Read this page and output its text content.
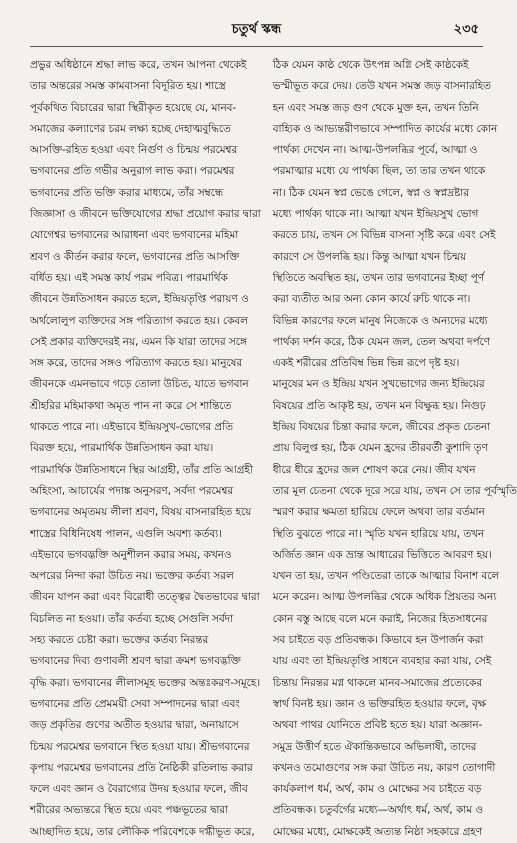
চতুর্থ স্কন্ধ	২৩৫
প্রভুর অধিষ্ঠানে শ্রদ্ধা লাভ করে, তখন আপনা থেকেই
তার অন্তরের সমস্ত কামবাসনা বিদূরিত হয়। শাস্ত্রে
পূর্বকথিত বিচারের দ্বারা স্থিরীকৃত হয়েছে যে, মানব-
সমাজের কল্যাণের চরম লক্ষ্য হচ্ছে দেহাত্মবুদ্ধিতে
আসক্তি-রহিত হওয়া এবং নির্গুণ ও চিন্ময় পরমেশ্বর
ভগবানের প্রতি গভীর অনুরাগ লাভ করা। পরমেশ্বর
ভগবানের প্রতি ভক্তি করার মাধ্যমে, তাঁর সম্বন্ধে
জিজ্ঞাসা ও জীবনে ভক্তিযোগের শ্রদ্ধা প্রয়োগ করার দ্বারা
যোগেশ্বর ভগবানের আরাধনা এবং ভগবানের মহিমা
শ্রবণ ও কীর্তন করার ফলে, ভগবানের প্রতি আসক্তি
বর্ধিত হয়। এই সমস্ত কার্য পরম পবিত্র। পারমার্থিক
জীবনে উন্নতিসাধন করতে হলে, ইন্দ্রিয়তৃপ্তি পরায়ণ ও
অর্থলোলুপ ব্যক্তিদের সঙ্গ পরিত্যাগ করতে হয়। কেবল
সেই প্রকার ব্যক্তিদেরই নয়, এমন কি যারা তাদের সঙ্গে
সঙ্গ করে, তাদের সঙ্গও পরিত্যাগ করতে হয়। মানুষের
জীবনকে এমনভাবে গড়ে তোলা উচিত, যাতে ভগবান
শ্রীহরির মহিমাকথা অমৃত পান না করে সে শান্তিতে
থাকতে পারে না। এইভাবে ইন্দ্রিয়সুখ-ভোগের প্রতি
বিরক্ত হয়ে, পারমার্থিক উন্নতিসাধন করা যায়।
পারমার্থিক উন্নতিসাধনে স্থির আগ্রহী, তাঁর প্রতি আগ্রহী
অহিংসা, আচার্যের পদাঙ্ক অনুসরণ, সর্বদা পরমেশ্বর
ভগবানের অমৃতময় লীলা শ্রবণ, বিষয় বাসনারহিত হয়ে
শাস্ত্রের বিধিনিষেধ পালন, এগুলি অবশ্য কর্তব্য।
এইভাবে ভগবদ্ভক্তি অনুশীলন করার সময়, কখনও
অপরের নিন্দা করা উচিত নয়। ভক্তের কর্তব্য সরল
জীবন যাপন করা এবং বিরোধী তত্ত্বের দ্বৈতভাবের দ্বারা
বিচলিত না হওয়া। তাঁর কর্তব্য হচ্ছে সেগুলি সর্বদা
সহ্য করতে চেষ্টা করা। ভক্তের কর্তব্য নিরন্তর
ভগবানের দিব্য গুণাবলী শ্রবণ দ্বারা ক্রমশ ভগবদ্ভক্তি
বৃদ্ধি করা। ভগবানের লীলাসমূহ ভক্তের অন্তঃকরণ-সমূহে।
ভগবানের প্রতি প্রেমময়ী সেবা সম্পাদনের দ্বারা এবং
জড় প্রকৃতির গুণের অতীত হওয়ার দ্বারা, অনায়াসে
চিন্ময় পরমেশ্বর ভগবানে স্থিত হওয়া যায়। শ্রীভগবানের
কৃপায় পরমেশ্বর ভগবানের প্রতি নৈষ্ঠিকী রতিলাভ করার
ফলে এবং জ্ঞান ও বৈরাগ্যের উদয় হওয়ার ফলে, জীব
শরীরের অভ্যন্তরে স্থিত হয়ে এবং পঞ্চভূতের দ্বারা
আচ্ছাদিত হয়ে, তার লৌকিক পরিবেশকে দগ্ধীভূত করে,
ঠিক যেমন কাষ্ঠ থেকে উৎপন্ন অগ্নি সেই কাষ্ঠকেই
ভস্মীভূত করে দেয়। তেউ যখন সমস্ত জড় বাসনারহিত
হন এবং সমস্ত জড় গুণ থেকে মুক্ত হন, তখন তিনি
বাহ্যিক ও আভ্যন্তরীণভাবে সম্পাদিত কার্যের মধ্যে কোন
পার্থক্য দেখেন না। আত্ম-উপলব্ধির পূর্বে, আত্মা ও
পরমাত্মার মধ্যে যে পার্থক্য ছিল, তা তার তখন থাকে
না। ঠিক যেমন স্বপ্ন ভেঙে গেলে, স্বপ্ন ও স্বপ্নদ্রষ্টার
মধ্যে পার্থক্য থাকে না। আত্মা যখন ইন্দ্রিয়সুখ ভোগ
করতে চায়, তখন সে বিভিন্ন বাসনা সৃষ্টি করে এবং সেই
কারণে সে উপলব্ধি হয়। কিন্তু আত্মা যখন চিন্ময়
স্থিতিতে অবস্থিত হয়, তখন তার ভগবানের ইচ্ছা পূর্ণ
করা ব্যতীত আর অন্য কোন কার্যে রুচি থাকে না।
বিভিন্ন কারণের ফলে মানুষ নিজেকে ও অন্যদের মধ্যে
পার্থক্য দর্শন করে, ঠিক যেমন জল, তেল অথবা দর্পণে
একই শরীরের প্রতিবিম্ব ভিন্ন ভিন্ন রূপে দৃষ্ট হয়।
মানুষের মন ও ইন্দ্রিয় যখন সুখভোগের জন্য ইন্দ্রিয়ের
বিষয়ের প্রতি আকৃষ্ট হয়, তখন মন বিক্ষুব্ধ হয়। নিগুঢ়
ইন্দ্রিয় বিষয়ের চিন্তা করার ফলে, জীবের প্রকৃত চেতনা
প্রায় বিলুপ্ত হয়, ঠিক যেমন হ্রদের তীরবর্তী কুশাদি তৃণ
ধীরে ধীরে হ্রদের জল শোষণ করে নেয়। জীব যখন
তার মূল চেতনা থেকে দূরে সরে যায়, তখন সে তার পূর্বস্মৃতি
স্মরণ করার ক্ষমতা হারিয়ে ফেলে অথবা তার বর্তমান
স্থিতি বুঝতে পারে না। স্মৃতি যখন হারিয়ে যায়, তখন
অর্জিত জ্ঞান এক ভ্রান্ত আধারের ভিত্তিতে আবরণ হয়।
যখন তা হয়, তখন পণ্ডিতেরা তাকে আত্মার বিনাশ বলে
মনে করেন। আত্ম উপলব্ধির থেকে অধিক প্রিয়তর অন্য
কোন বস্তু আছে বলে মনে করাই, নিজের হিতসাধনের
সব চাইতে বড় প্রতিবন্ধক। কিভাবে হন উপার্জন করা
যায় এবং তা ইন্দ্রিয়তৃপ্তি সাধনে ব্যবহার করা যায়, সেই
চিন্তায় নিরন্তর মগ্ন থাকলে মানব-সমাজের প্রত্যেকের
স্বার্থ বিনষ্ট হয়। জ্ঞান ও ভক্তিরহিত হওয়ার ফলে, বৃক্ষ
অথবা পাথর যোনিতে প্রবিষ্ট হতে হয়। যারা অজ্ঞান-
সমুদ্র উত্তীর্ণ হতে ঐকান্তিকভাবে অভিলাষী, তাদের
কখনও তমোগুণের সঙ্গ করা উচিত নয়, কারণ তোগাদী
কার্যকলাপ ধর্ম, অর্থ, কাম ও মোক্ষের সব চাইতে বড়
প্রতিবন্ধক। চতুর্বর্গের মধ্যে—অর্থাৎ ধর্ম, অর্থ, কাম ও
মোক্ষের মধ্যে, মোক্ষকেই অত্যন্ত নিষ্ঠা সহকারে গ্রহণ
